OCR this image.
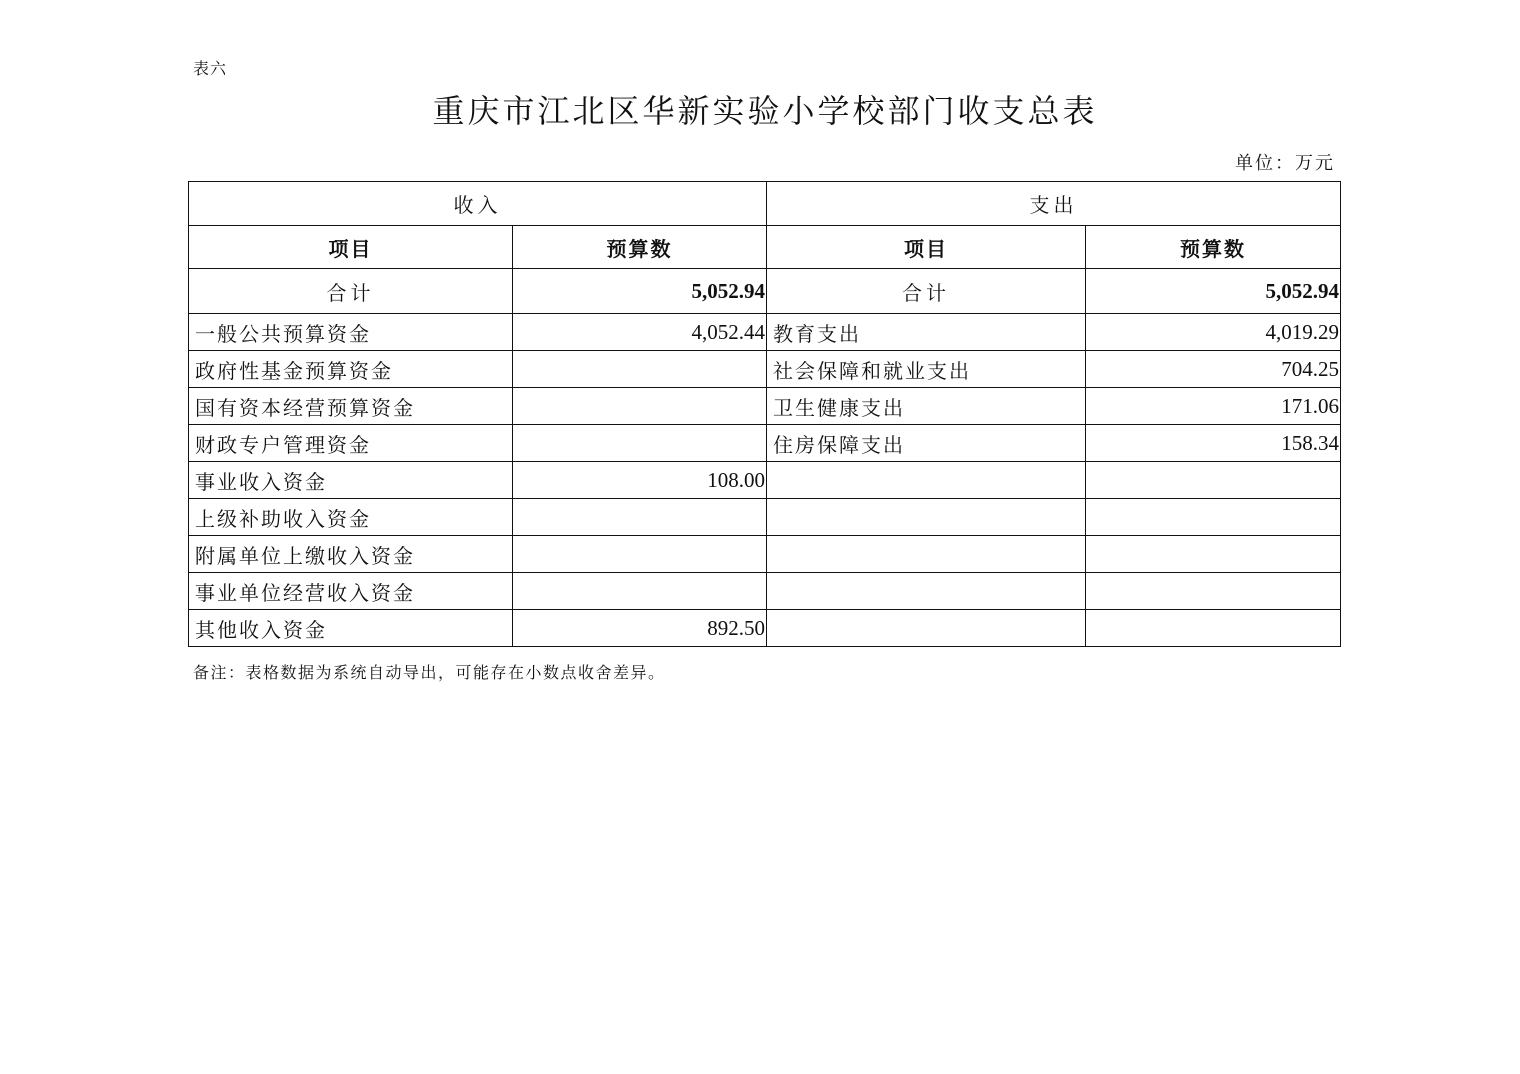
表六
重庆市江北区华新实验小学校部门收支总表
单位：万元
收入		支出	
项目	预算数	项目	预算数
合计	5,052.94	合计	5,052.94
一般公共预算资金	4,052.44	教育支出	4,019.29
政府性基金预算资金		社会保障和就业支出	704.25
国有资本经营预算资金		卫生健康支出	171.06
财政专户管理资金		住房保障支出	158.34
事业收入资金	108.00		
上级补助收入资金			
附属单位上缴收入资金			
事业单位经营收入资金			
其他收入资金	892.50		
备注：表格数据为系统自动导出，可能存在小数点收舍差异。
